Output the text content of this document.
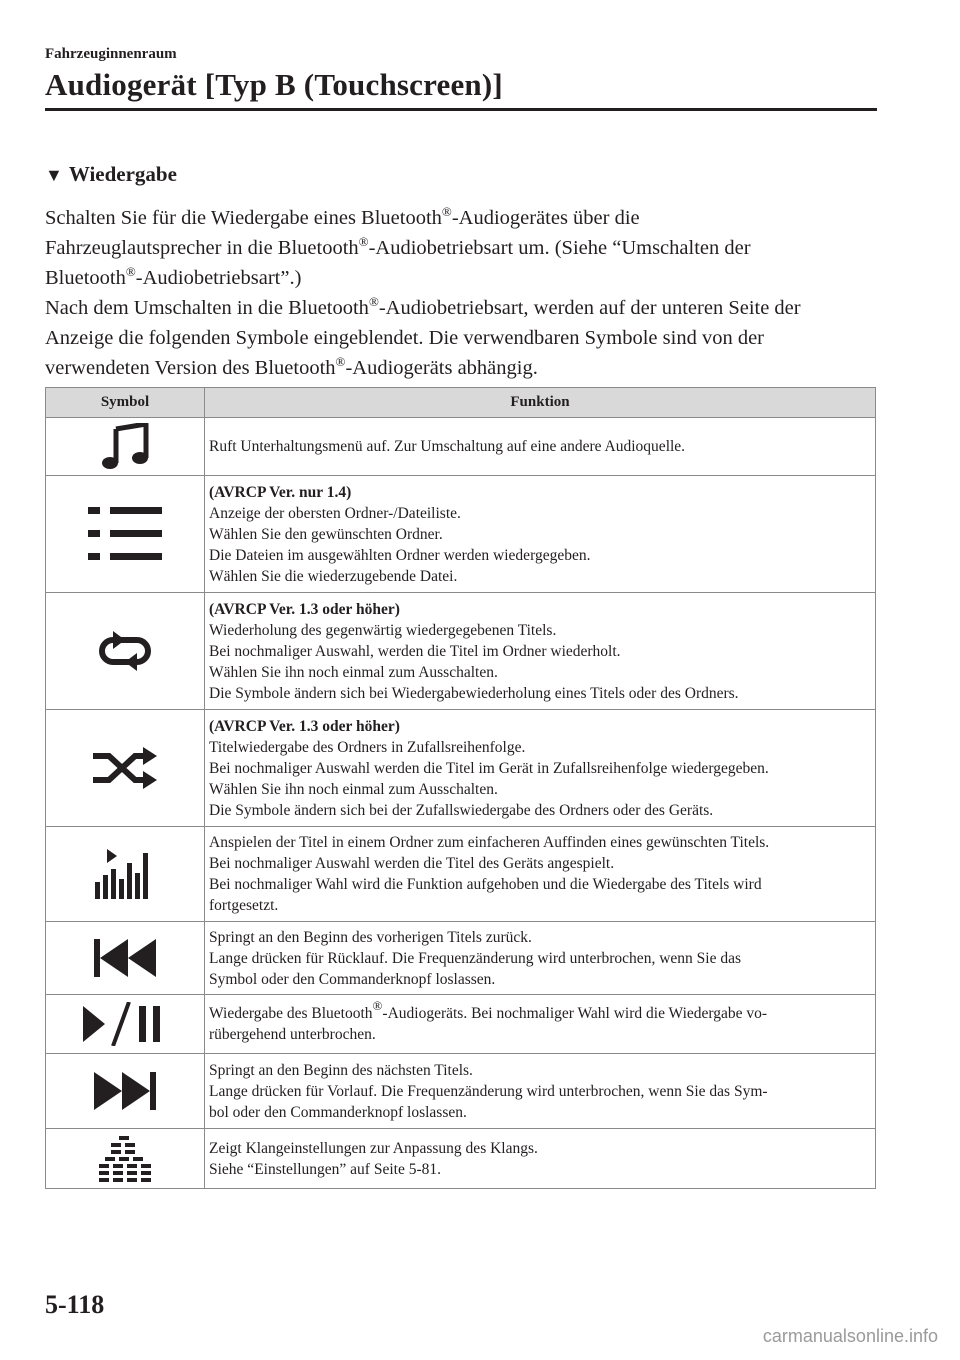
Fahrzeuginnenraum
Audiogerät [Typ B (Touchscreen)]
▼ Wiedergabe

Schalten Sie für die Wiedergabe eines Bluetooth®-Audiogerätes über die
Fahrzeuglautsprecher in die Bluetooth®-Audiobetriebsart um. (Siehe “Umschalten der
Bluetooth®-Audiobetriebsart”.)

Nach dem Umschalten in die Bluetooth®-Audiobetriebsart, werden auf der unteren Seite der
Anzeige die folgenden Symbole eingeblendet. Die verwendbaren Symbole sind von der
verwendeten Version des Bluetooth®-Audiogeräts abhängig.

Symbol	Funktion

Ruft Unterhaltungsmenü auf. Zur Umschaltung auf eine andere Audioquelle.

(AVRCP Ver. nur 1.4)
Anzeige der obersten Ordner-/Dateiliste.
Wählen Sie den gewünschten Ordner.
Die Dateien im ausgewählten Ordner werden wiedergegeben.
Wählen Sie die wiederzugebende Datei.

(AVRCP Ver. 1.3 oder höher)
Wiederholung des gegenwärtig wiedergegebenen Titels.
Bei nochmaliger Auswahl, werden die Titel im Ordner wiederholt.
Wählen Sie ihn noch einmal zum Ausschalten.
Die Symbole ändern sich bei Wiedergabewiederholung eines Titels oder des Ordners.

(AVRCP Ver. 1.3 oder höher)
Titelwiedergabe des Ordners in Zufallsreihenfolge.
Bei nochmaliger Auswahl werden die Titel im Gerät in Zufallsreihenfolge wiedergegeben.
Wählen Sie ihn noch einmal zum Ausschalten.
Die Symbole ändern sich bei der Zufallswiedergabe des Ordners oder des Geräts.

Anspielen der Titel in einem Ordner zum einfacheren Auffinden eines gewünschten Titels.
Bei nochmaliger Auswahl werden die Titel des Geräts angespielt.
Bei nochmaliger Wahl wird die Funktion aufgehoben und die Wiedergabe des Titels wird
fortgesetzt.

Springt an den Beginn des vorherigen Titels zurück.
Lange drücken für Rücklauf. Die Frequenzänderung wird unterbrochen, wenn Sie das
Symbol oder den Commanderknopf loslassen.

Wiedergabe des Bluetooth®-Audiogeräts. Bei nochmaliger Wahl wird die Wiedergabe vo-
rübergehend unterbrochen.

Springt an den Beginn des nächsten Titels.
Lange drücken für Vorlauf. Die Frequenzänderung wird unterbrochen, wenn Sie das Sym-
bol oder den Commanderknopf loslassen.

Zeigt Klangeinstellungen zur Anpassung des Klangs.
Siehe “Einstellungen” auf Seite 5-81.
5-118
carmanualsonline.info
